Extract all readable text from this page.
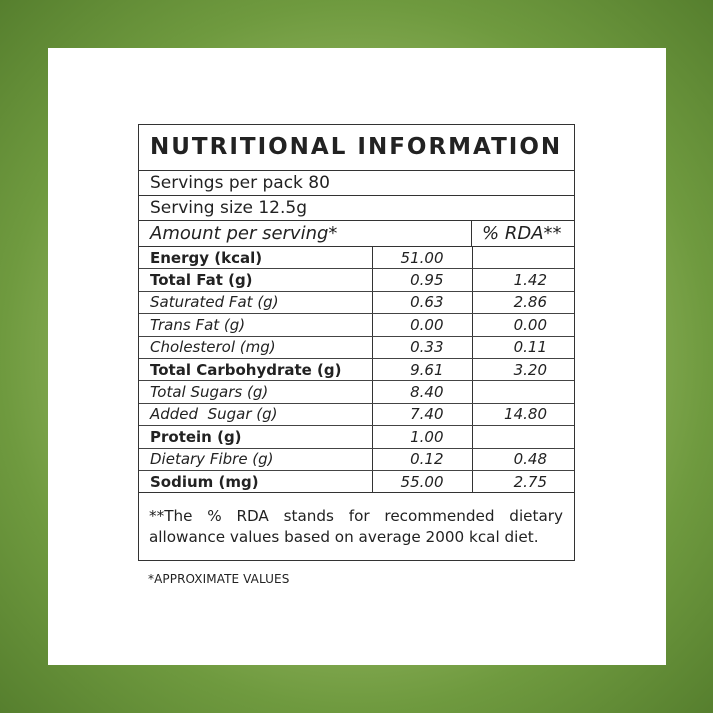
NUTRITIONAL INFORMATION
Servings per pack 80
Serving size 12.5g
Amount per serving*	% RDA**
Energy (kcal)	51.00	
Total Fat (g)	0.95	1.42
Saturated Fat (g)	0.63	2.86
Trans Fat (g)	0.00	0.00
Cholesterol (mg)	0.33	0.11
Total Carbohydrate (g)	9.61	3.20
Total Sugars (g)	8.40	
Added  Sugar (g)	7.40	14.80
Protein (g)	1.00	
Dietary Fibre (g)	0.12	0.48
Sodium (mg)	55.00	2.75
**The % RDA stands for recommended dietary allowance values based on average 2000 kcal diet.
*APPROXIMATE VALUES
